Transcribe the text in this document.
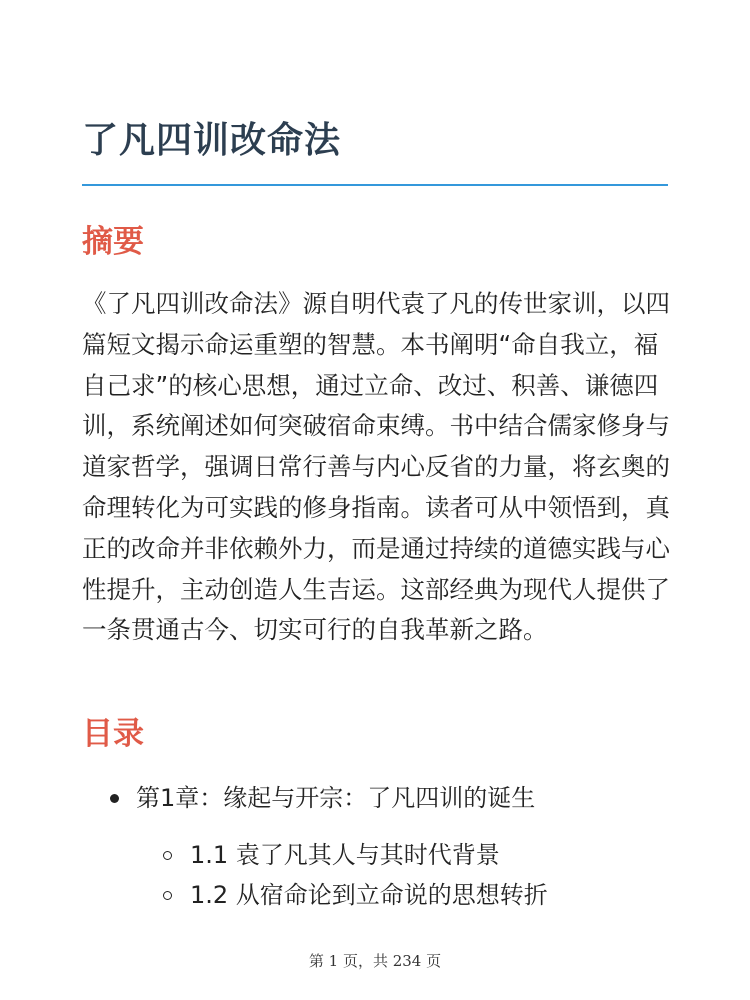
了凡四训改命法
摘要

《了凡四训改命法》源自明代袁了凡的传世家训，以四篇短文揭示命运重塑的智慧。本书阐明“命自我立，福自己求”的核心思想，通过立命、改过、积善、谦德四训，系统阐述如何突破宿命束缚。书中结合儒家修身与道家哲学，强调日常行善与内心反省的力量，将玄奥的命理转化为可实践的修身指南。读者可从中领悟到，真正的改命并非依赖外力，而是通过持续的道德实践与心性提升，主动创造人生吉运。这部经典为现代人提供了一条贯通古今、切实可行的自我革新之路。

目录
第1章：缘起与开宗：了凡四训的诞生
1.1 袁了凡其人与其时代背景
1.2 从宿命论到立命说的思想转折
第 1 页，共 234 页
